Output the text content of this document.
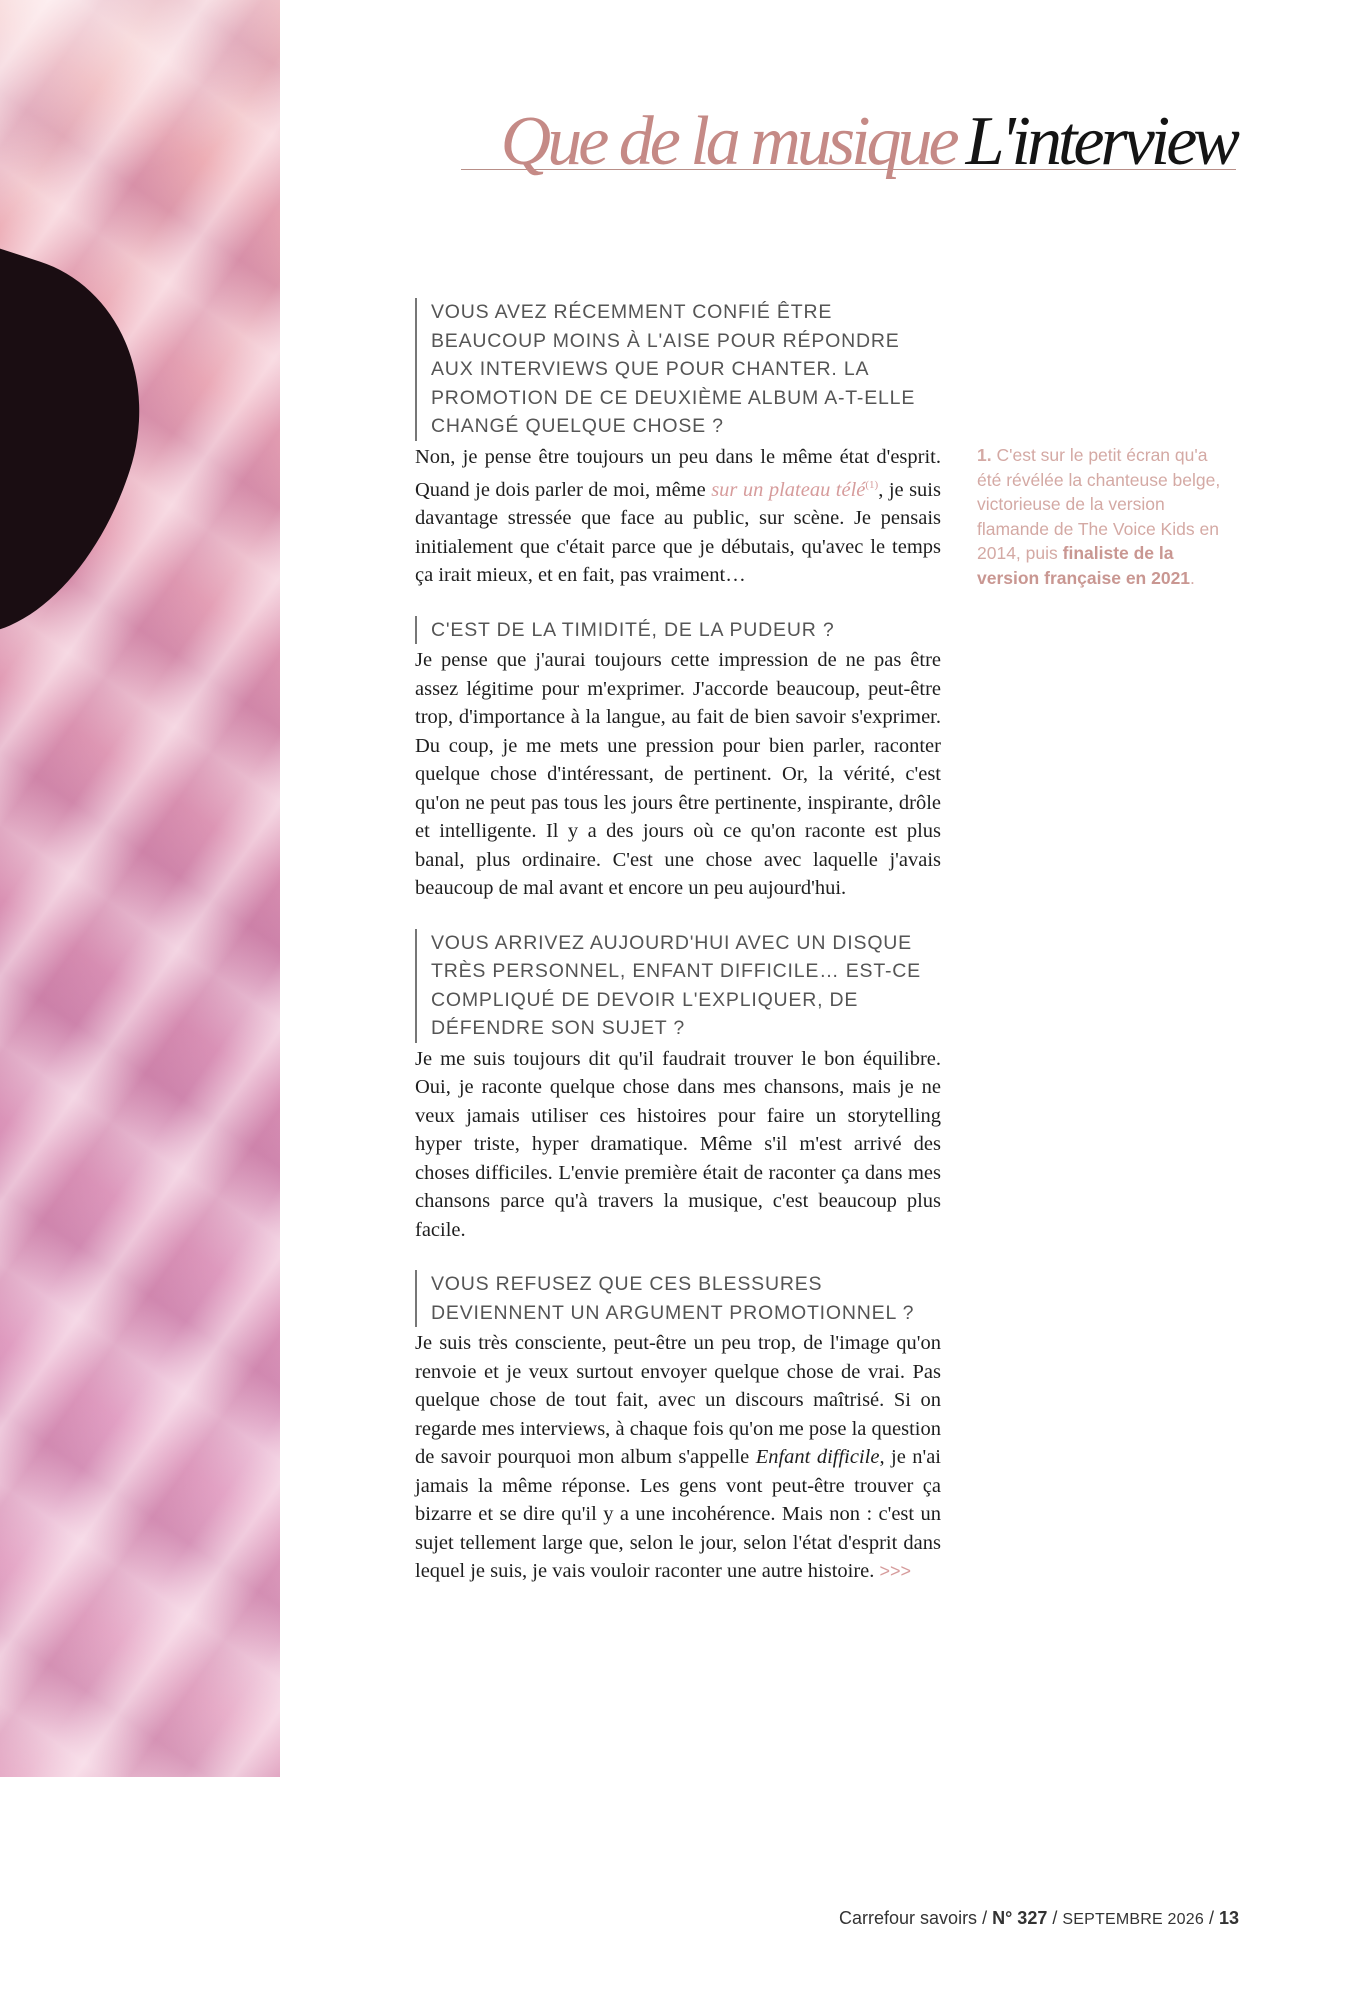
Que de la musique L'interview
VOUS AVEZ RÉCEMMENT CONFIÉ ÊTRE BEAUCOUP MOINS À L'AISE POUR RÉPONDRE AUX INTERVIEWS QUE POUR CHANTER. LA PROMOTION DE CE DEUXIÈME ALBUM A-T-ELLE CHANGÉ QUELQUE CHOSE ?

Non, je pense être toujours un peu dans le même état d'esprit. Quand je dois parler de moi, même sur un plateau télé$^{(1)}$, je suis davantage stressée que face au public, sur scène. Je pensais initialement que c'était parce que je débutais, qu'avec le temps ça irait mieux, et en fait, pas vraiment…

C'EST DE LA TIMIDITÉ, DE LA PUDEUR ?

Je pense que j'aurai toujours cette impression de ne pas être assez légitime pour m'exprimer. J'accorde beaucoup, peut-être trop, d'importance à la langue, au fait de bien savoir s'exprimer. Du coup, je me mets une pression pour bien parler, raconter quelque chose d'intéressant, de pertinent. Or, la vérité, c'est qu'on ne peut pas tous les jours être pertinente, inspirante, drôle et intelligente. Il y a des jours où ce qu'on raconte est plus banal, plus ordinaire. C'est une chose avec laquelle j'avais beaucoup de mal avant et encore un peu aujourd'hui.

VOUS ARRIVEZ AUJOURD'HUI AVEC UN DISQUE TRÈS PERSONNEL, ENFANT DIFFICILE… EST-CE COMPLIQUÉ DE DEVOIR L'EXPLIQUER, DE DÉFENDRE SON SUJET ?

Je me suis toujours dit qu'il faudrait trouver le bon équilibre. Oui, je raconte quelque chose dans mes chansons, mais je ne veux jamais utiliser ces histoires pour faire un storytelling hyper triste, hyper dramatique. Même s'il m'est arrivé des choses difficiles. L'envie première était de raconter ça dans mes chansons parce qu'à travers la musique, c'est beaucoup plus facile.

VOUS REFUSEZ QUE CES BLESSURES DEVIENNENT UN ARGUMENT PROMOTIONNEL ?

Je suis très consciente, peut-être un peu trop, de l'image qu'on renvoie et je veux surtout envoyer quelque chose de vrai. Pas quelque chose de tout fait, avec un discours maîtrisé. Si on regarde mes interviews, à chaque fois qu'on me pose la question de savoir pourquoi mon album s'appelle Enfant difficile, je n'ai jamais la même réponse. Les gens vont peut-être trouver ça bizarre et se dire qu'il y a une incohérence. Mais non : c'est un sujet tellement large que, selon le jour, selon l'état d'esprit dans lequel je suis, je vais vouloir raconter une autre histoire. >>>

1. C'est sur le petit écran qu'a été révélée la chanteuse belge, victorieuse de la version flamande de The Voice Kids en 2014, puis finaliste de la version française en 2021.
Carrefour savoirs / N° 327 / SEPTEMBRE 2026 / 13
